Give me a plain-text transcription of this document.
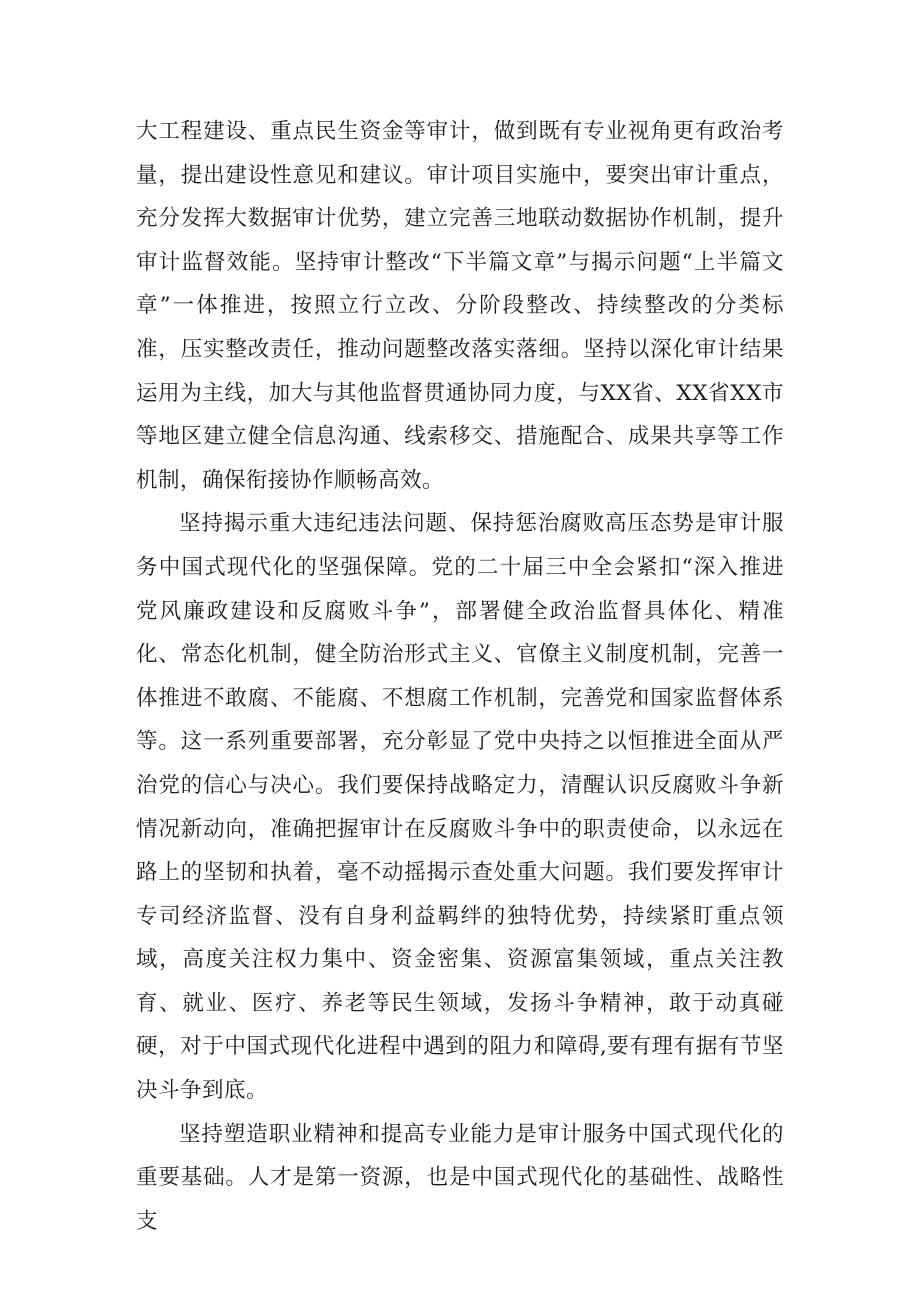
大工程建设、重点民生资金等审计，做到既有专业视角更有政治考量，提出建设性意见和建议。审计项目实施中，要突出审计重点，充分发挥大数据审计优势，建立完善三地联动数据协作机制，提升审计监督效能。坚持审计整改“下半篇文章”与揭示问题“上半篇文章”一体推进，按照立行立改、分阶段整改、持续整改的分类标准，压实整改责任，推动问题整改落实落细。坚持以深化审计结果运用为主线，加大与其他监督贯通协同力度，与XX省、XX省XX市等地区建立健全信息沟通、线索移交、措施配合、成果共享等工作机制，确保衔接协作顺畅高效。

坚持揭示重大违纪违法问题、保持惩治腐败高压态势是审计服务中国式现代化的坚强保障。党的二十届三中全会紧扣“深入推进党风廉政建设和反腐败斗争”，部署健全政治监督具体化、精准化、常态化机制，健全防治形式主义、官僚主义制度机制，完善一体推进不敢腐、不能腐、不想腐工作机制，完善党和国家监督体系等。这一系列重要部署，充分彰显了党中央持之以恒推进全面从严治党的信心与决心。我们要保持战略定力，清醒认识反腐败斗争新情况新动向，准确把握审计在反腐败斗争中的职责使命，以永远在路上的坚韧和执着，毫不动摇揭示查处重大问题。我们要发挥审计专司经济监督、没有自身利益羁绊的独特优势，持续紧盯重点领域，高度关注权力集中、资金密集、资源富集领域，重点关注教育、就业、医疗、养老等民生领域，发扬斗争精神，敢于动真碰硬，对于中国式现代化进程中遇到的阻力和障碍,要有理有据有节坚决斗争到底。

坚持塑造职业精神和提高专业能力是审计服务中国式现代化的重要基础。人才是第一资源，也是中国式现代化的基础性、战略性支
